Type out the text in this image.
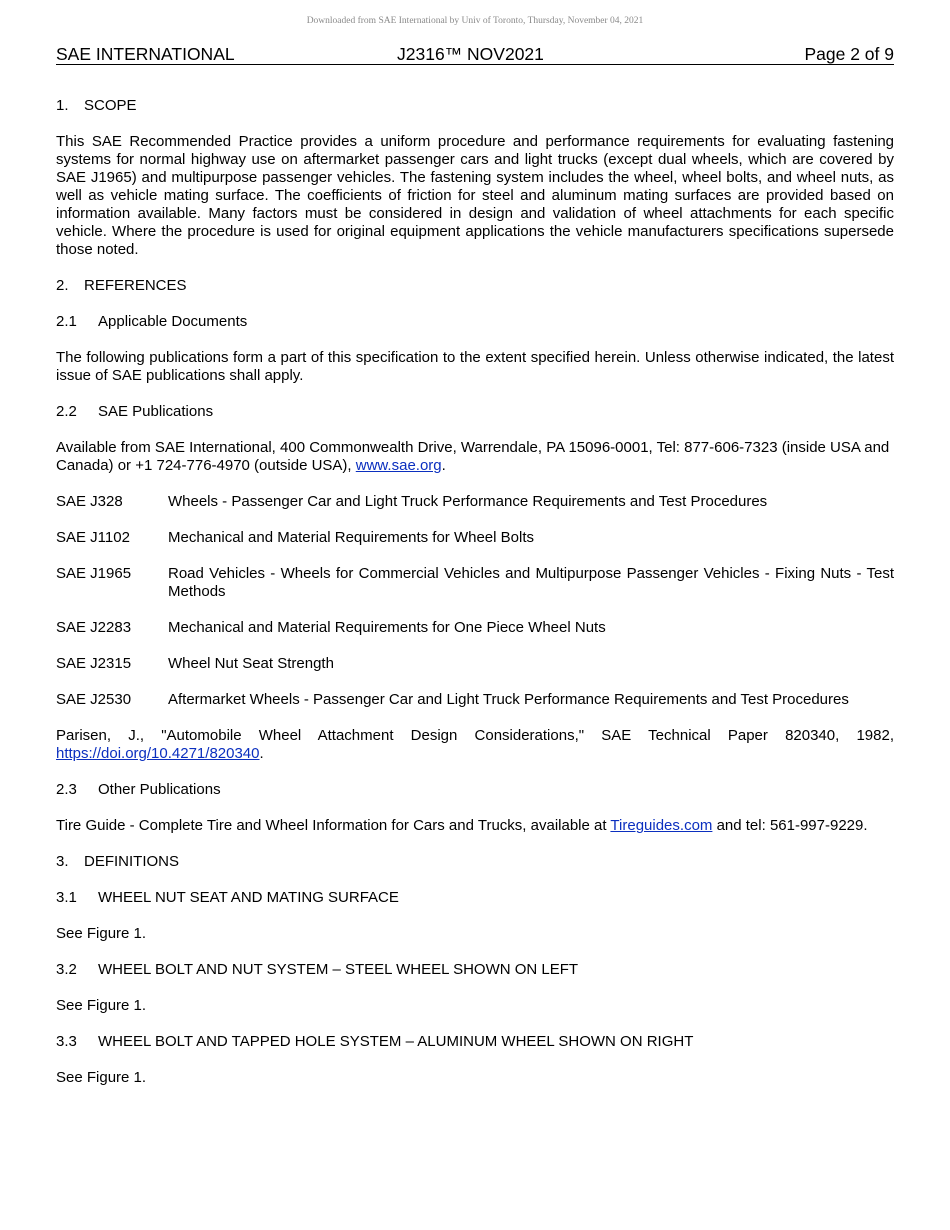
Downloaded from SAE International by Univ of Toronto, Thursday, November 04, 2021
SAE INTERNATIONAL	J2316™ NOV2021	Page 2 of 9
1. SCOPE

This SAE Recommended Practice provides a uniform procedure and performance requirements for evaluating fastening systems for normal highway use on aftermarket passenger cars and light trucks (except dual wheels, which are covered by SAE J1965) and multipurpose passenger vehicles. The fastening system includes the wheel, wheel bolts, and wheel nuts, as well as vehicle mating surface. The coefficients of friction for steel and aluminum mating surfaces are provided based on information available. Many factors must be considered in design and validation of wheel attachments for each specific vehicle. Where the procedure is used for original equipment applications the vehicle manufacturers specifications supersede those noted.

2. REFERENCES
2.1 Applicable Documents

The following publications form a part of this specification to the extent specified herein. Unless otherwise indicated, the latest issue of SAE publications shall apply.

2.2 SAE Publications

Available from SAE International, 400 Commonwealth Drive, Warrendale, PA 15096-0001, Tel: 877-606-7323 (inside USA and Canada) or +1 724-776-4970 (outside USA), www.sae.org.

SAE J328	Wheels - Passenger Car and Light Truck Performance Requirements and Test Procedures
SAE J1102	Mechanical and Material Requirements for Wheel Bolts
SAE J1965	Road Vehicles - Wheels for Commercial Vehicles and Multipurpose Passenger Vehicles - Fixing Nuts - Test Methods
SAE J2283	Mechanical and Material Requirements for One Piece Wheel Nuts
SAE J2315	Wheel Nut Seat Strength
SAE J2530	Aftermarket Wheels - Passenger Car and Light Truck Performance Requirements and Test Procedures

Parisen, J., "Automobile Wheel Attachment Design Considerations," SAE Technical Paper 820340, 1982, https://doi.org/10.4271/820340.

2.3 Other Publications

Tire Guide - Complete Tire and Wheel Information for Cars and Trucks, available at Tireguides.com and tel: 561-997-9229.

3. DEFINITIONS
3.1 WHEEL NUT SEAT AND MATING SURFACE

See Figure 1.

3.2 WHEEL BOLT AND NUT SYSTEM – STEEL WHEEL SHOWN ON LEFT

See Figure 1.

3.3 WHEEL BOLT AND TAPPED HOLE SYSTEM – ALUMINUM WHEEL SHOWN ON RIGHT

See Figure 1.
